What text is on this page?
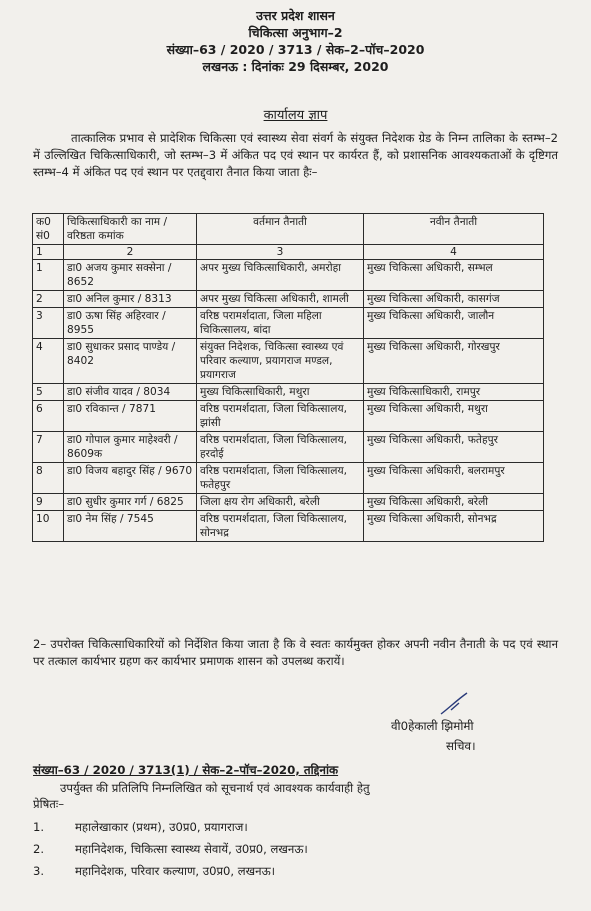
उत्तर प्रदेश शासन
चिकित्सा अनुभाग–2
संख्या–63 / 2020 / 3713 / सेक–2–पॉच–2020
लखनऊ : दिनांकः 29 दिसम्बर, 2020
कार्यालय ज्ञाप
तात्कालिक प्रभाव से प्रादेशिक चिकित्सा एवं स्वास्थ्य सेवा संवर्ग के संयुक्त निदेशक ग्रेड के निम्न तालिका के स्तम्भ–2 में उल्लिखित चिकित्साधिकारी, जो स्तम्भ–3 में अंकित पद एवं स्थान पर कार्यरत हैं, को प्रशासनिक आवश्यकताओं के दृष्टिगत स्तम्भ–4 में अंकित पद एवं स्थान पर एतद्द्वारा तैनात किया जाता हैः–
क0 सं0	चिकित्साधिकारी का नाम / वरिष्ठता कमांक	वर्तमान तैनाती	नवीन तैनाती
1	2	3	4
1	डा0 अजय कुमार सक्सेना / 8652	अपर मुख्य चिकित्साधिकारी, अमरोहा	मुख्य चिकित्सा अधिकारी, सम्भल
2	डा0 अनिल कुमार / 8313	अपर मुख्य चिकित्सा अधिकारी, शामली	मुख्य चिकित्सा अधिकारी, कासगंज
3	डा0 ऊषा सिंह अहिरवार / 8955	वरिष्ठ परामर्शदाता, जिला महिला चिकित्सालय, बांदा	मुख्य चिकित्सा अधिकारी, जालौन
4	डा0 सुधाकर प्रसाद पाण्डेय / 8402	संयुक्त निदेशक, चिकित्सा स्वास्थ्य एवं परिवार कल्याण, प्रयागराज मण्डल, प्रयागराज	मुख्य चिकित्सा अधिकारी, गोरखपुर
5	डा0 संजीव यादव / 8034	मुख्य चिकित्साधिकारी, मथुरा	मुख्य चिकित्साधिकारी, रामपुर
6	डा0 रविकान्त / 7871	वरिष्ठ परामर्शदाता, जिला चिकित्सालय, झांसी	मुख्य चिकित्सा अधिकारी, मथुरा
7	डा0 गोपाल कुमार माहेश्वरी / 8609क	वरिष्ठ परामर्शदाता, जिला चिकित्सालय, हरदोई	मुख्य चिकित्सा अधिकारी, फतेहपुर
8	डा0 विजय बहादुर सिंह / 9670	वरिष्ठ परामर्शदाता, जिला चिकित्सालय, फतेहपुर	मुख्य चिकित्सा अधिकारी, बलरामपुर
9	डा0 सुधीर कुमार गर्ग / 6825	जिला क्षय रोग अधिकारी, बरेली	मुख्य चिकित्सा अधिकारी, बरेली
10	डा0 नेम सिंह / 7545	वरिष्ठ परामर्शदाता, जिला चिकित्सालय, सोनभद्र	मुख्य चिकित्सा अधिकारी, सोनभद्र
2– उपरोक्त चिकित्साधिकारियों को निर्देशित किया जाता है कि वे स्वतः कार्यमुक्त होकर अपनी नवीन तैनाती के पद एवं स्थान पर तत्काल कार्यभार ग्रहण कर कार्यभार प्रमाणक शासन को उपलब्ध करायें।
वी0हेकाली झिमोमी
सचिव।
संख्या–63 / 2020 / 3713(1) / सेक–2–पॉच–2020, तद्दिनांक
उपर्युक्त की प्रतिलिपि निम्नलिखित को सूचनार्थ एवं आवश्यक कार्यवाही हेतु
प्रेषितः–
1.	महालेखाकार (प्रथम), उ0प्र0, प्रयागराज।
2.	महानिदेशक, चिकित्सा स्वास्थ्य सेवायें, उ0प्र0, लखनऊ।
3.	महानिदेशक, परिवार कल्याण, उ0प्र0, लखनऊ।
